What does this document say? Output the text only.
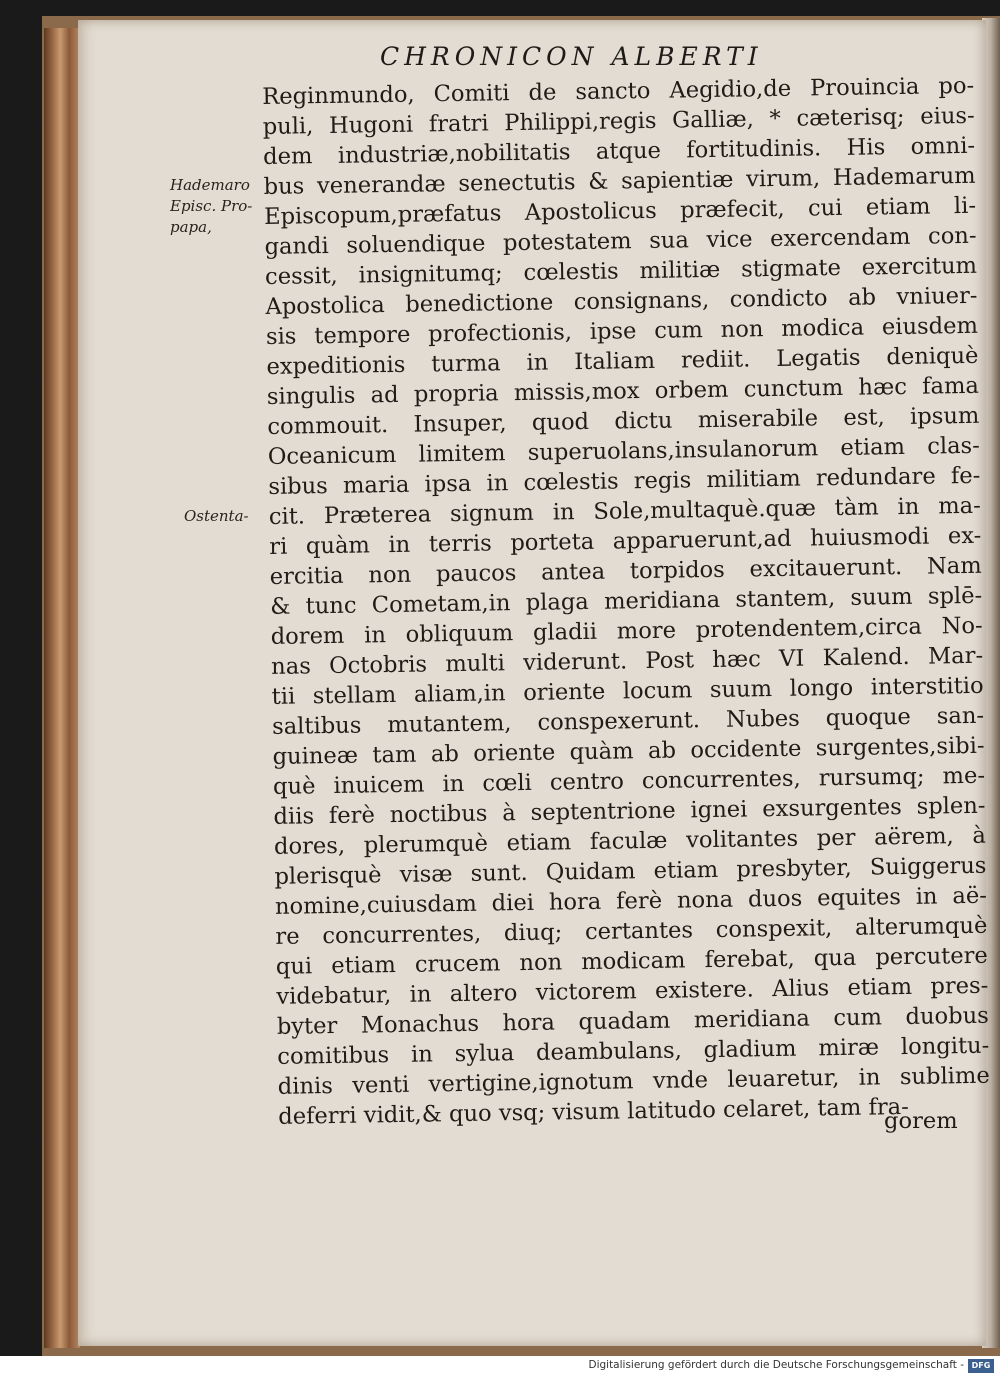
CHRONICON ALBERTI
Hademaro
Episc. Pro-
papa,
Ostenta-
Reginmundo, Comiti de sancto Aegidio,de Prouincia po-
puli, Hugoni fratri Philippi,regis Galliæ, * cæterisq; eius-
dem industriæ,nobilitatis atque fortitudinis. His omni-
bus venerandæ senectutis & sapientiæ virum, Hademarum
Episcopum,præfatus Apostolicus præfecit, cui etiam li-
gandi soluendique potestatem sua vice exercendam con-
cessit, insignitumq; cœlestis militiæ stigmate exercitum
Apostolica benedictione consignans, condicto ab vniuer-
sis tempore profectionis, ipse cum non modica eiusdem
expeditionis turma in Italiam rediit. Legatis deniquè
singulis ad propria missis,mox orbem cunctum hæc fama
commouit. Insuper, quod dictu miserabile est, ipsum
Oceanicum limitem superuolans,insulanorum etiam clas-
sibus maria ipsa in cœlestis regis militiam redundare fe-
cit. Præterea signum in Sole,multaquè.quæ tàm in ma-
ri quàm in terris porteta apparuerunt,ad huiusmodi ex-
ercitia non paucos antea torpidos excitauerunt. Nam
& tunc Cometam,in plaga meridiana stantem, suum splē-
dorem in obliquum gladii more protendentem,circa No-
nas Octobris multi viderunt. Post hæc VI Kalend. Mar-
tii stellam aliam,in oriente locum suum longo interstitio
saltibus mutantem, conspexerunt. Nubes quoque san-
guineæ tam ab oriente quàm ab occidente surgentes,sibi-
què inuicem in cœli centro concurrentes, rursumq; me-
diis ferè noctibus à septentrione ignei exsurgentes splen-
dores, plerumquè etiam faculæ volitantes per aërem, à
plerisquè visæ sunt. Quidam etiam presbyter, Suiggerus
nomine,cuiusdam diei hora ferè nona duos equites in aë-
re concurrentes, diuq; certantes conspexit, alterumquè
qui etiam crucem non modicam ferebat, qua percutere
videbatur, in altero victorem existere. Alius etiam pres-
byter Monachus hora quadam meridiana cum duobus
comitibus in sylua deambulans, gladium miræ longitu-
dinis venti vertigine,ignotum vnde leuaretur, in sublime
deferri vidit,& quo vsq; visum latitudo celaret, tam fra-
gorem
Digitalisierung gefördert durch die Deutsche Forschungsgemeinschaft - DFG
